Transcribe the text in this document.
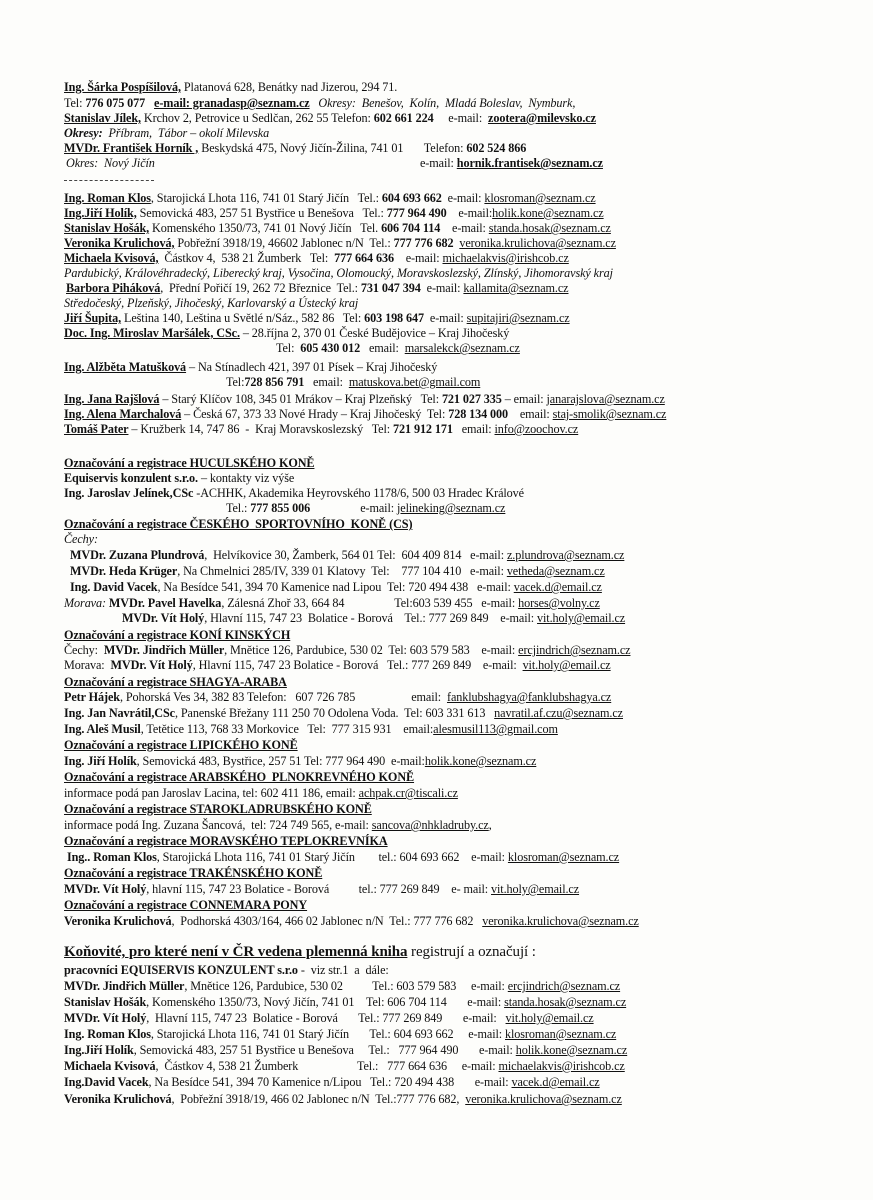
Ing. Šárka Pospíšilová, Platanová 628, Benátky nad Jizerou, 294 71.
Tel: 776 075 077 e-mail: granadasp@seznam.cz Okresy:  Benešov,  Kolín,  Mladá Boleslav,  Nymburk,
Stanislav Jílek, Krchov 2, Petrovice u Sedlčan, 262 55 Telefon: 602 661 224     e-mail:  zootera@milevsko.cz
Okresy:  Příbram,  Tábor – okolí Milevska
MVDr. František Horník , Beskydská 475, Nový Jičín-Žilina, 741 01       Telefon: 602 524 866
Okres:  Nový Jičín                                                                                          e-mail: hornik.frantisek@seznam.cz
Ing. Roman Klos, Starojická Lhota 116, 741 01 Starý Jičín   Tel.: 604 693 662  e-mail: klosroman@seznam.cz
Ing.Jiří Holík, Semovická 483, 257 51 Bystřice u Benešova   Tel.: 777 964 490    e-mail:holik.kone@seznam.cz
Stanislav Hošák, Komenského 1350/73, 741 01 Nový Jičín   Tel. 606 704 114    e-mail: standa.hosak@seznam.cz
Veronika Krulichová, Pobřežní 3918/19, 46602 Jablonec n/N  Tel.: 777 776 682 veronika.krulichova@seznam.cz
Michaela Kvisová,  Částkov 4,  538 21 Žumberk   Tel:  777 664 636    e-mail: michaelakvis@irishcob.cz
Pardubický, Královéhradecký, Liberecký kraj, Vysočina, Olomoucký, Moravskoslezský, Zlínský, Jihomoravský kraj
Barbora Piháková,  Přední Pořičí 19, 262 72 Březnice  Tel.: 731 047 394  e-mail: kallamita@seznam.cz
Středočeský, Plzeňský, Jihočeský, Karlovarský a Ústecký kraj
Jiří Šupita, Leština 140, Leština u Světlé n/Sáz., 582 86   Tel: 603 198 647  e-mail: supitajiri@seznam.cz
Doc. Ing. Miroslav Maršálek, CSc. – 28.října 2, 370 01 České Budějovice – Kraj Jihočeský
Tel:  605 430 012   email:  marsalekck@seznam.cz
Ing. Alžběta Matušková – Na Stínadlech 421, 397 01 Písek – Kraj Jihočeský
Tel:728 856 791   email:  matuskova.bet@gmail.com
Ing. Jana Rajšlová – Starý Klíčov 108, 345 01 Mrákov – Kraj Plzeňský   Tel: 721 027 335 – email: janarajslova@seznam.cz
Ing. Alena Marchalová – Česká 67, 373 33 Nové Hrady – Kraj Jihočeský  Tel: 728 134 000    email: staj-smolik@seznam.cz
Tomáš Pater – Kružberk 14, 747 86  -  Kraj Moravskoslezský   Tel: 721 912 171   email: info@zoochov.cz
Označování a registrace HUCULSKÉHO KONĚ
Equiservis konzulent s.r.o. – kontakty viz výše
Ing. Jaroslav Jelínek,CSc -ACHHK, Akademika Heyrovského 1178/6, 500 03 Hradec Králové
Tel.: 777 855 006                 e-mail: jelineking@seznam.cz
Označování a registrace ČESKÉHO  SPORTOVNÍHO  KONĚ (CS)
Čechy:
MVDr. Zuzana Plundrová,  Helvíkovice 30, Žamberk, 564 01 Tel:  604 409 814   e-mail: z.plundrova@seznam.cz
MVDr. Heda Krüger, Na Chmelnici 285/IV, 339 01 Klatovy  Tel:    777 104 410   e-mail: vetheda@seznam.cz
Ing. David Vacek, Na Besídce 541, 394 70 Kamenice nad Lipou  Tel: 720 494 438   e-mail: vacek.d@email.cz
Morava: MVDr. Pavel Havelka, Zálesná Zhoř 33, 664 84                 Tel:603 539 455   e-mail: horses@volny.cz
MVDr. Vít Holý, Hlavní 115, 747 23  Bolatice - Borová    Tel.: 777 269 849    e-mail: vit.holy@email.cz
Označování a registrace KONÍ KINSKÝCH
Čechy:  MVDr. Jindřich Müller, Mnětice 126, Pardubice, 530 02  Tel: 603 579 583    e-mail: ercjindrich@seznam.cz
Morava:  MVDr. Vít Holý, Hlavní 115, 747 23 Bolatice - Borová   Tel.: 777 269 849    e-mail:  vit.holy@email.cz
Označování a registrace SHAGYA-ARABA
Petr Hájek, Pohorská Ves 34, 382 83 Telefon:   607 726 785                   email:  fanklubshagya@fanklubshagya.cz
Ing. Jan Navrátil,CSc, Panenské Břežany 111 250 70 Odolena Voda.  Tel: 603 331 613   navratil.af.czu@seznam.cz
Ing. Aleš Musil, Tetětice 113, 768 33 Morkovice   Tel:  777 315 931    email:alesmusil113@gmail.com
Označování a registrace LIPICKÉHO KONĚ
Ing. Jiří Holík, Semovická 483, Bystřice, 257 51 Tel: 777 964 490  e-mail:holik.kone@seznam.cz
Označování a registrace ARABSKÉHO  PLNOKREVNÉHO KONĚ
informace podá pan Jaroslav Lacina, tel: 602 411 186, email: achpak.cr@tiscali.cz
Označování a registrace STAROKLADRUBSKÉHO KONĚ
informace podá Ing. Zuzana Šancová,  tel: 724 749 565, e-mail: sancova@nhkladruby.cz,
Označování a registrace MORAVSKÉHO TEPLOKREVNÍKA
Ing.. Roman Klos, Starojická Lhota 116, 741 01 Starý Jičín        tel.: 604 693 662    e-mail: klosroman@seznam.cz
Označování a registrace TRAKÉNSKÉHO KONĚ
MVDr. Vít Holý, hlavní 115, 747 23 Bolatice - Borová          tel.: 777 269 849    e- mail: vit.holy@email.cz
Označování a registrace CONNEMARA PONY
Veronika Krulichová,  Podhorská 4303/164, 466 02 Jablonec n/N  Tel.: 777 776 682   veronika.krulichova@seznam.cz
Koňovité, pro které není v ČR vedena plemenná kniha registrují a označují :
pracovníci EQUISERVIS KONZULENT s.r.o -  viz str.1  a  dále:
MVDr. Jindřich Müller, Mnětice 126, Pardubice, 530 02          Tel.: 603 579 583     e-mail: ercjindrich@seznam.cz
Stanislav Hošák, Komenského 1350/73, Nový Jičín, 741 01    Tel: 606 704 114       e-mail: standa.hosak@seznam.cz
MVDr. Vít Holý,  Hlavní 115, 747 23  Bolatice - Borová       Tel.: 777 269 849       e-mail:   vit.holy@email.cz
Ing. Roman Klos, Starojická Lhota 116, 741 01 Starý Jičín       Tel.: 604 693 662     e-mail: klosroman@seznam.cz
Ing.Jiří Holík, Semovická 483, 257 51 Bystřice u Benešova     Tel.:   777 964 490       e-mail: holik.kone@seznam.cz
Michaela Kvisová,  Částkov 4, 538 21 Žumberk                    Tel.:   777 664 636     e-mail: michaelakvis@irishcob.cz
Ing.David Vacek, Na Besídce 541, 394 70 Kamenice n/Lipou   Tel.: 720 494 438       e-mail: vacek.d@email.cz
Veronika Krulichová,  Pobřežní 3918/19, 466 02 Jablonec n/N  Tel.:777 776 682,  veronika.krulichova@seznam.cz
